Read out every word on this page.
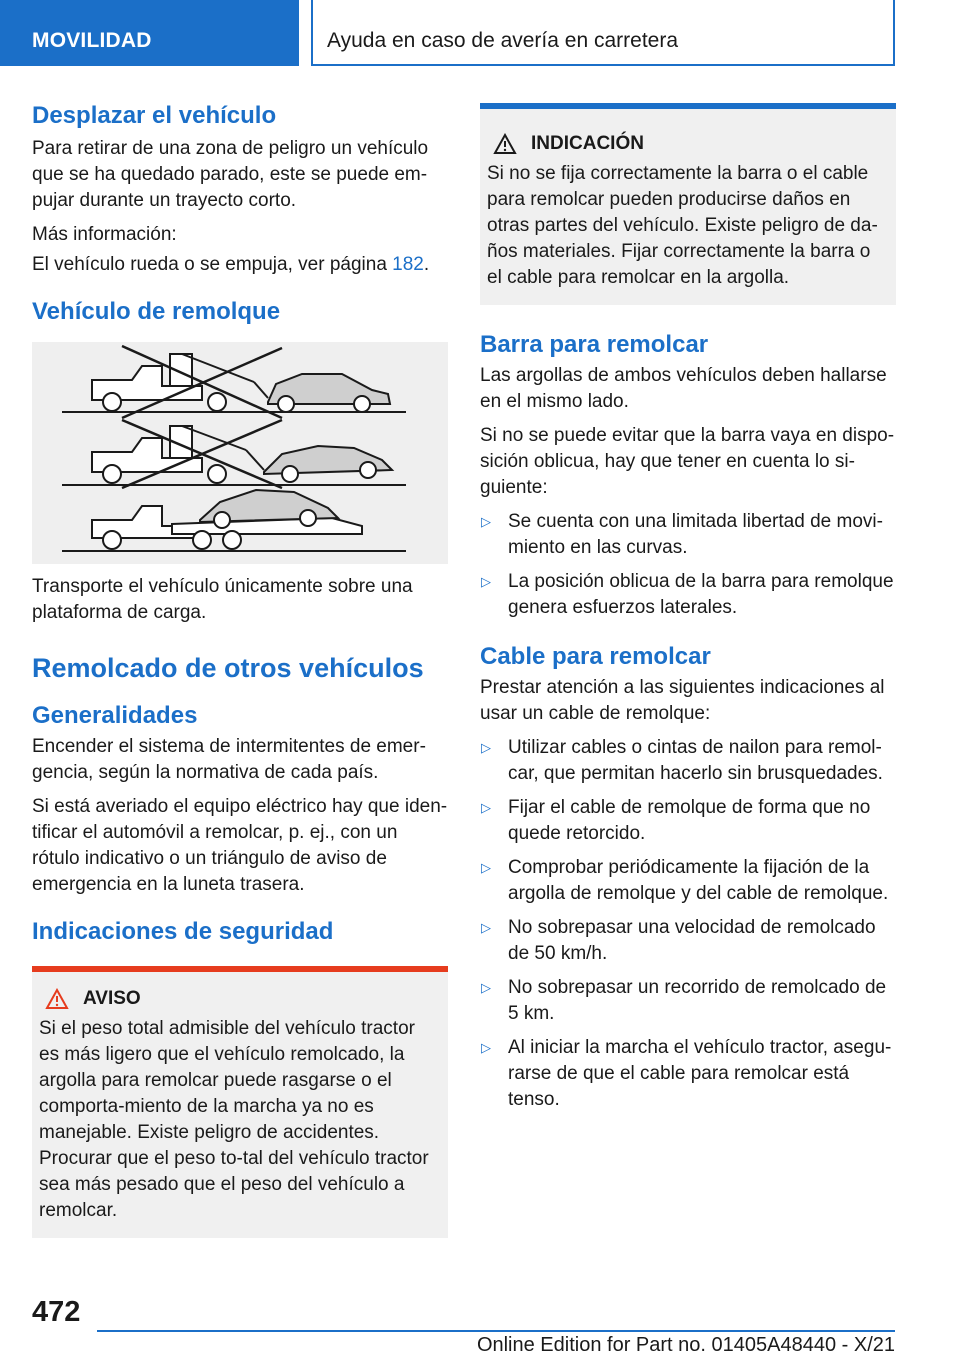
MOVILIDAD	Ayuda en caso de avería en carretera
Desplazar el vehículo

Para retirar de una zona de peligro un vehículo que se ha quedado parado, este se puede em‐pujar durante un trayecto corto.

Más información:

El vehículo rueda o se empuja, ver página 182.

Vehículo de remolque

Transporte el vehículo únicamente sobre una plataforma de carga.

Remolcado de otros vehículos
Generalidades

Encender el sistema de intermitentes de emer‐gencia, según la normativa de cada país.

Si está averiado el equipo eléctrico hay que iden‐tificar el automóvil a remolcar, p. ej., con un rótulo indicativo o un triángulo de aviso de emergencia en la luneta trasera.

Indicaciones de seguridad
AVISO

Si el peso total admisible del vehículo tractor es más ligero que el vehículo remolcado, la argolla para remolcar puede rasgarse o el comporta‐miento de la marcha ya no es manejable. Existe peligro de accidentes. Procurar que el peso to‐tal del vehículo tractor sea más pesado que el peso del vehículo a remolcar.

INDICACIÓN

Si no se fija correctamente la barra o el cable para remolcar pueden producirse daños en otras partes del vehículo. Existe peligro de da‐ños materiales. Fijar correctamente la barra o el cable para remolcar en la argolla.

Barra para remolcar

Las argollas de ambos vehículos deben hallarse en el mismo lado.

Si no se puede evitar que la barra vaya en dispo‐sición oblicua, hay que tener en cuenta lo si‐guiente:

▷ Se cuenta con una limitada libertad de movi‐miento en las curvas.
▷ La posición oblicua de la barra para remolque genera esfuerzos laterales.
Cable para remolcar

Prestar atención a las siguientes indicaciones al usar un cable de remolque:

▷ Utilizar cables o cintas de nailon para remol‐car, que permitan hacerlo sin brusquedades.
▷ Fijar el cable de remolque de forma que no quede retorcido.
▷ Comprobar periódicamente la fijación de la argolla de remolque y del cable de remolque.
▷ No sobrepasar una velocidad de remolcado de 50 km/h.
▷ No sobrepasar un recorrido de remolcado de 5 km.
▷ Al iniciar la marcha el vehículo tractor, asegu‐rarse de que el cable para remolcar está tenso.
472
Online Edition for Part no. 01405A48440 - X/21
